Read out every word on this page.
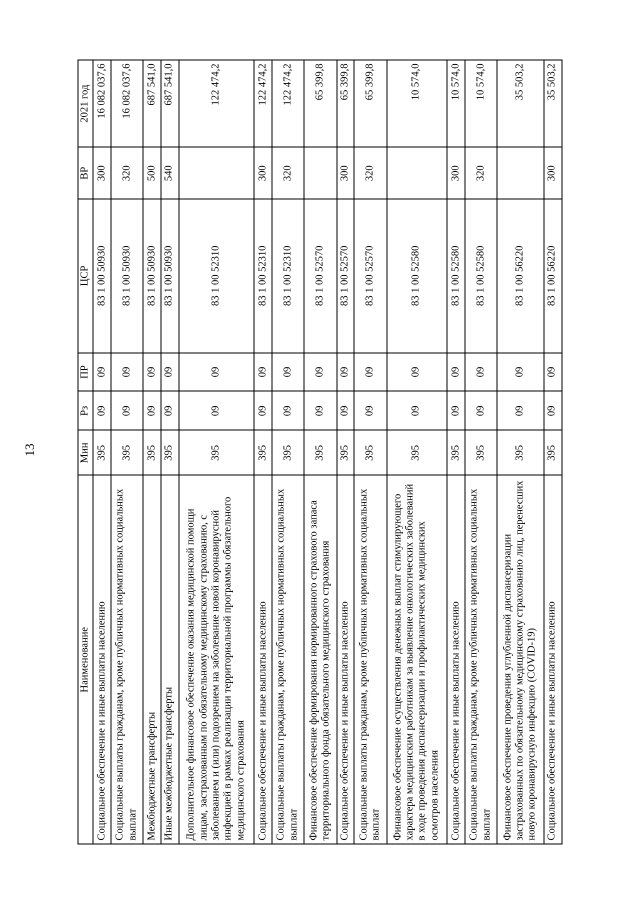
13
Наименование	Мин	Рз	ПР	ЦСР	ВР	2021 год
Социальное обеспечение и иные выплаты населению	395	09	09	83 1 00 50930	300	16 082 037,6
Социальные выплаты гражданам, кроме публичных нормативных социальных выплат	395	09	09	83 1 00 50930	320	16 082 037,6
Межбюджетные трансферты	395	09	09	83 1 00 50930	500	687 541,0
Иные межбюджетные трансферты	395	09	09	83 1 00 50930	540	687 541,0
Дополнительное финансовое обеспечение оказания медицинской помощи лицам, застрахованным по обязательному медицинскому страхованию, с заболеванием и (или) подозрением на заболевание новой коронавирусной инфекцией в рамках реализации территориальной программы обязательного медицинского страхования	395	09	09	83 1 00 52310		122 474,2
Социальное обеспечение и иные выплаты населению	395	09	09	83 1 00 52310	300	122 474,2
Социальные выплаты гражданам, кроме публичных нормативных социальных выплат	395	09	09	83 1 00 52310	320	122 474,2
Финансовое обеспечение формирования нормированного страхового запаса территориального фонда обязательного медицинского страхования	395	09	09	83 1 00 52570		65 399,8
Социальное обеспечение и иные выплаты населению	395	09	09	83 1 00 52570	300	65 399,8
Социальные выплаты гражданам, кроме публичных нормативных социальных выплат	395	09	09	83 1 00 52570	320	65 399,8
Финансовое обеспечение осуществления денежных выплат стимулирующего характера медицинским работникам за выявление онкологических заболеваний в ходе проведения диспансеризации и профилактических медицинских осмотров населения	395	09	09	83 1 00 52580		10 574,0
Социальное обеспечение и иные выплаты населению	395	09	09	83 1 00 52580	300	10 574,0
Социальные выплаты гражданам, кроме публичных нормативных социальных выплат	395	09	09	83 1 00 52580	320	10 574,0
Финансовое обеспечение проведения углубленной диспансеризации застрахованных по обязательному медицинскому страхованию лиц, перенесших новую коронавирусную инфекцию (COVID-19)	395	09	09	83 1 00 56220		35 503,2
Социальное обеспечение и иные выплаты населению	395	09	09	83 1 00 56220	300	35 503,2
